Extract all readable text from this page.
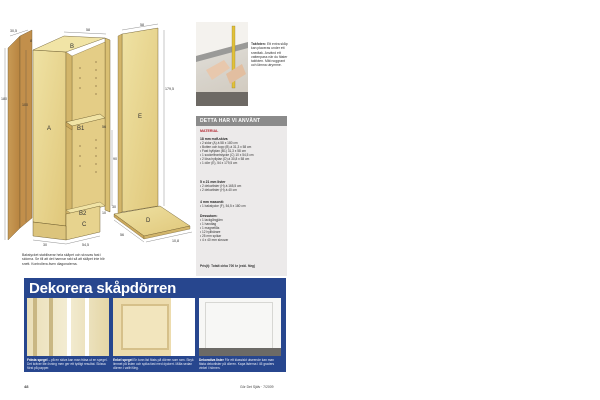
A
B
B1
B2
C
D
E
180
30,5
100
58
179,5
58
90
30	54,5
56
10,8
56
10
8
30
Bakstycket stabiliserar hela skåpet och skruvas fast i sidorna. Se till att det hamnar rakt så att skåpet inte blir snett. Kontrollera även diagonalerna.
Takfoten: Ett extra skåp kan placeras under ett snedtak. Använd ett vattenpass när du fäster takfoten. Mät noggrant och lämna utrymme.
DETTA HAR VI ANVÄNT
MATERIAL
18 mm mdf-skiva
• 2 sidor (A) à 58 x 180 cm
• Botten och topp (B) à 31,3 x 58 cm
• Fast hyllplan (B1) 31,3 x 58 cm
• 1 sockelfrontstycke (C) 10 x 54,5 cm
• 2 lösa hyllplan (D) à 30,8 x 58 cm
• 1 dörr (E), 54 x 179,5 cm
5 x 21 mm lister
• 2 dekorlister (H) à 165,5 cm
• 2 dekorlister (H) à 40 cm
4 mm masonit:
• 1 bakstycke (F), 54,5 x 180 cm
Dessutom:
• 1 lackgångjärn
• 1 handtag
• 1 magnetlås
• 12 hyllbärare
• 25 mm spikar
• 4 x 40 mm skruvar
Pris(t): Totalt cirka 700 kr (exkl. färg)
Dekorera skåpdörren
Frästa spegel – på en skiva kan man fräsa ut en spegel. Det kräver lite övning men ger ett tydligt resultat. Skissa först på papper.
Enkel spegel En tunn list fästs på dörren som ram. Stryk limmet på listen och spika fast med dyckert. Måla sedan dörren i valfri färg.
Dekorativa lister För ett klassiskt utseende kan man fästa dekorlister på dörren. Kapa listerna i 45 graders vinkel i hörnen.
48	Gör Det Själv · 7/2009
